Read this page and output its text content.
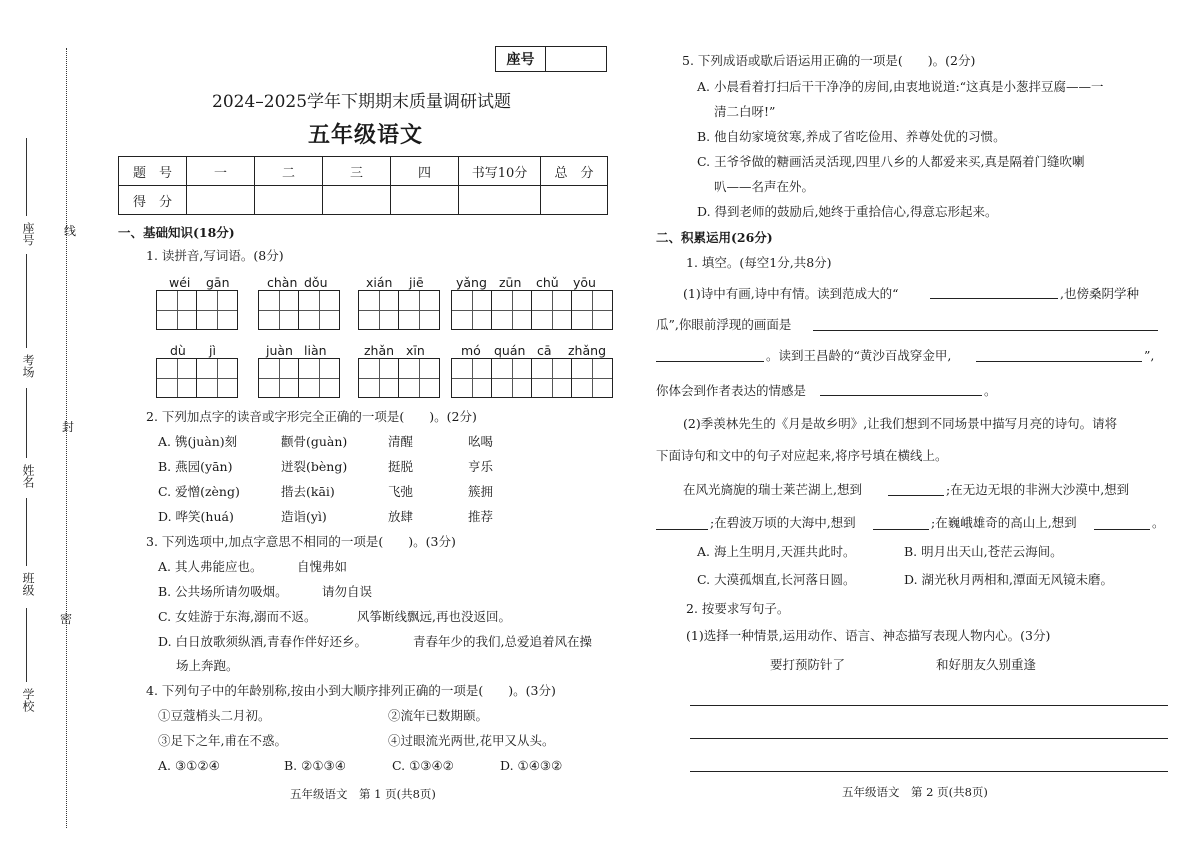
座号
考场
姓名
班级
学校
线
封
密
座号
2024–2025学年下期期末质量调研试题
五年级语文
题　号	一	二	三	四	书写10分	总　分
得　分						
一、基础知识(18分)
1. 读拼音,写词语。(8分)
wéi gān	chàn dǒu	xián jiē	yǎng zūn chǔ yōu
dù jì	juàn liàn	zhǎn xīn	mó quán cā zhǎng
2. 下列加点字的读音或字形完全正确的一项是(　　)。(2分)
A. 镌(juàn)刻	颧骨(guàn)	清醒	吆喝
B. 燕园(yān)	迸裂(bèng)	挺脱	亨乐
C. 爱憎(zèng)	揩去(kāi)	飞弛	簇拥
D. 哗笑(huá)	造诣(yì)	放肆	推荐
3. 下列选项中,加点字意思不相同的一项是(　　)。(3分)
A. 其人弗能应也。	自愧弗如
B. 公共场所请勿吸烟。	请勿自误
C. 女娃游于东海,溺而不返。	风筝断线飘远,再也没返回。
D. 白日放歌须纵酒,青春作伴好还乡。	青春年少的我们,总爱追着风在操
场上奔跑。
4. 下列句子中的年龄别称,按由小到大顺序排列正确的一项是(　　)。(3分)
①豆蔻梢头二月初。	②流年已数期颐。
③足下之年,甫在不惑。	④过眼流光两世,花甲又从头。
A. ③①②④	B. ②①③④	C. ①③④②	D. ①④③②
五年级语文　第 1 页(共8页)
5. 下列成语或歇后语运用正确的一项是(　　)。(2分)
A. 小晨看着打扫后干干净净的房间,由衷地说道:“这真是小葱拌豆腐——一
清二白呀!”
B. 他自幼家境贫寒,养成了省吃俭用、养尊处优的习惯。
C. 王爷爷做的糖画活灵活现,四里八乡的人都爱来买,真是隔着门缝吹喇
叭——名声在外。
D. 得到老师的鼓励后,她终于重拾信心,得意忘形起来。
二、积累运用(26分)
1. 填空。(每空1分,共8分)
(1)诗中有画,诗中有情。读到范成大的“	,也傍桑阴学种
瓜”,你眼前浮现的画面是
。读到王昌龄的“黄沙百战穿金甲,	”,
你体会到作者表达的情感是	。
(2)季羡林先生的《月是故乡明》,让我们想到不同场景中描写月亮的诗句。请将
下面诗句和文中的句子对应起来,将序号填在横线上。
在风光旖旎的瑞士莱芒湖上,想到	;在无边无垠的非洲大沙漠中,想到
;在碧波万顷的大海中,想到	;在巍峨雄奇的高山上,想到	。
A. 海上生明月,天涯共此时。	B. 明月出天山,苍茫云海间。
C. 大漠孤烟直,长河落日圆。	D. 湖光秋月两相和,潭面无风镜未磨。
2. 按要求写句子。
(1)选择一种情景,运用动作、语言、神态描写表现人物内心。(3分)
要打预防针了	和好朋友久别重逢
五年级语文　第 2 页(共8页)
